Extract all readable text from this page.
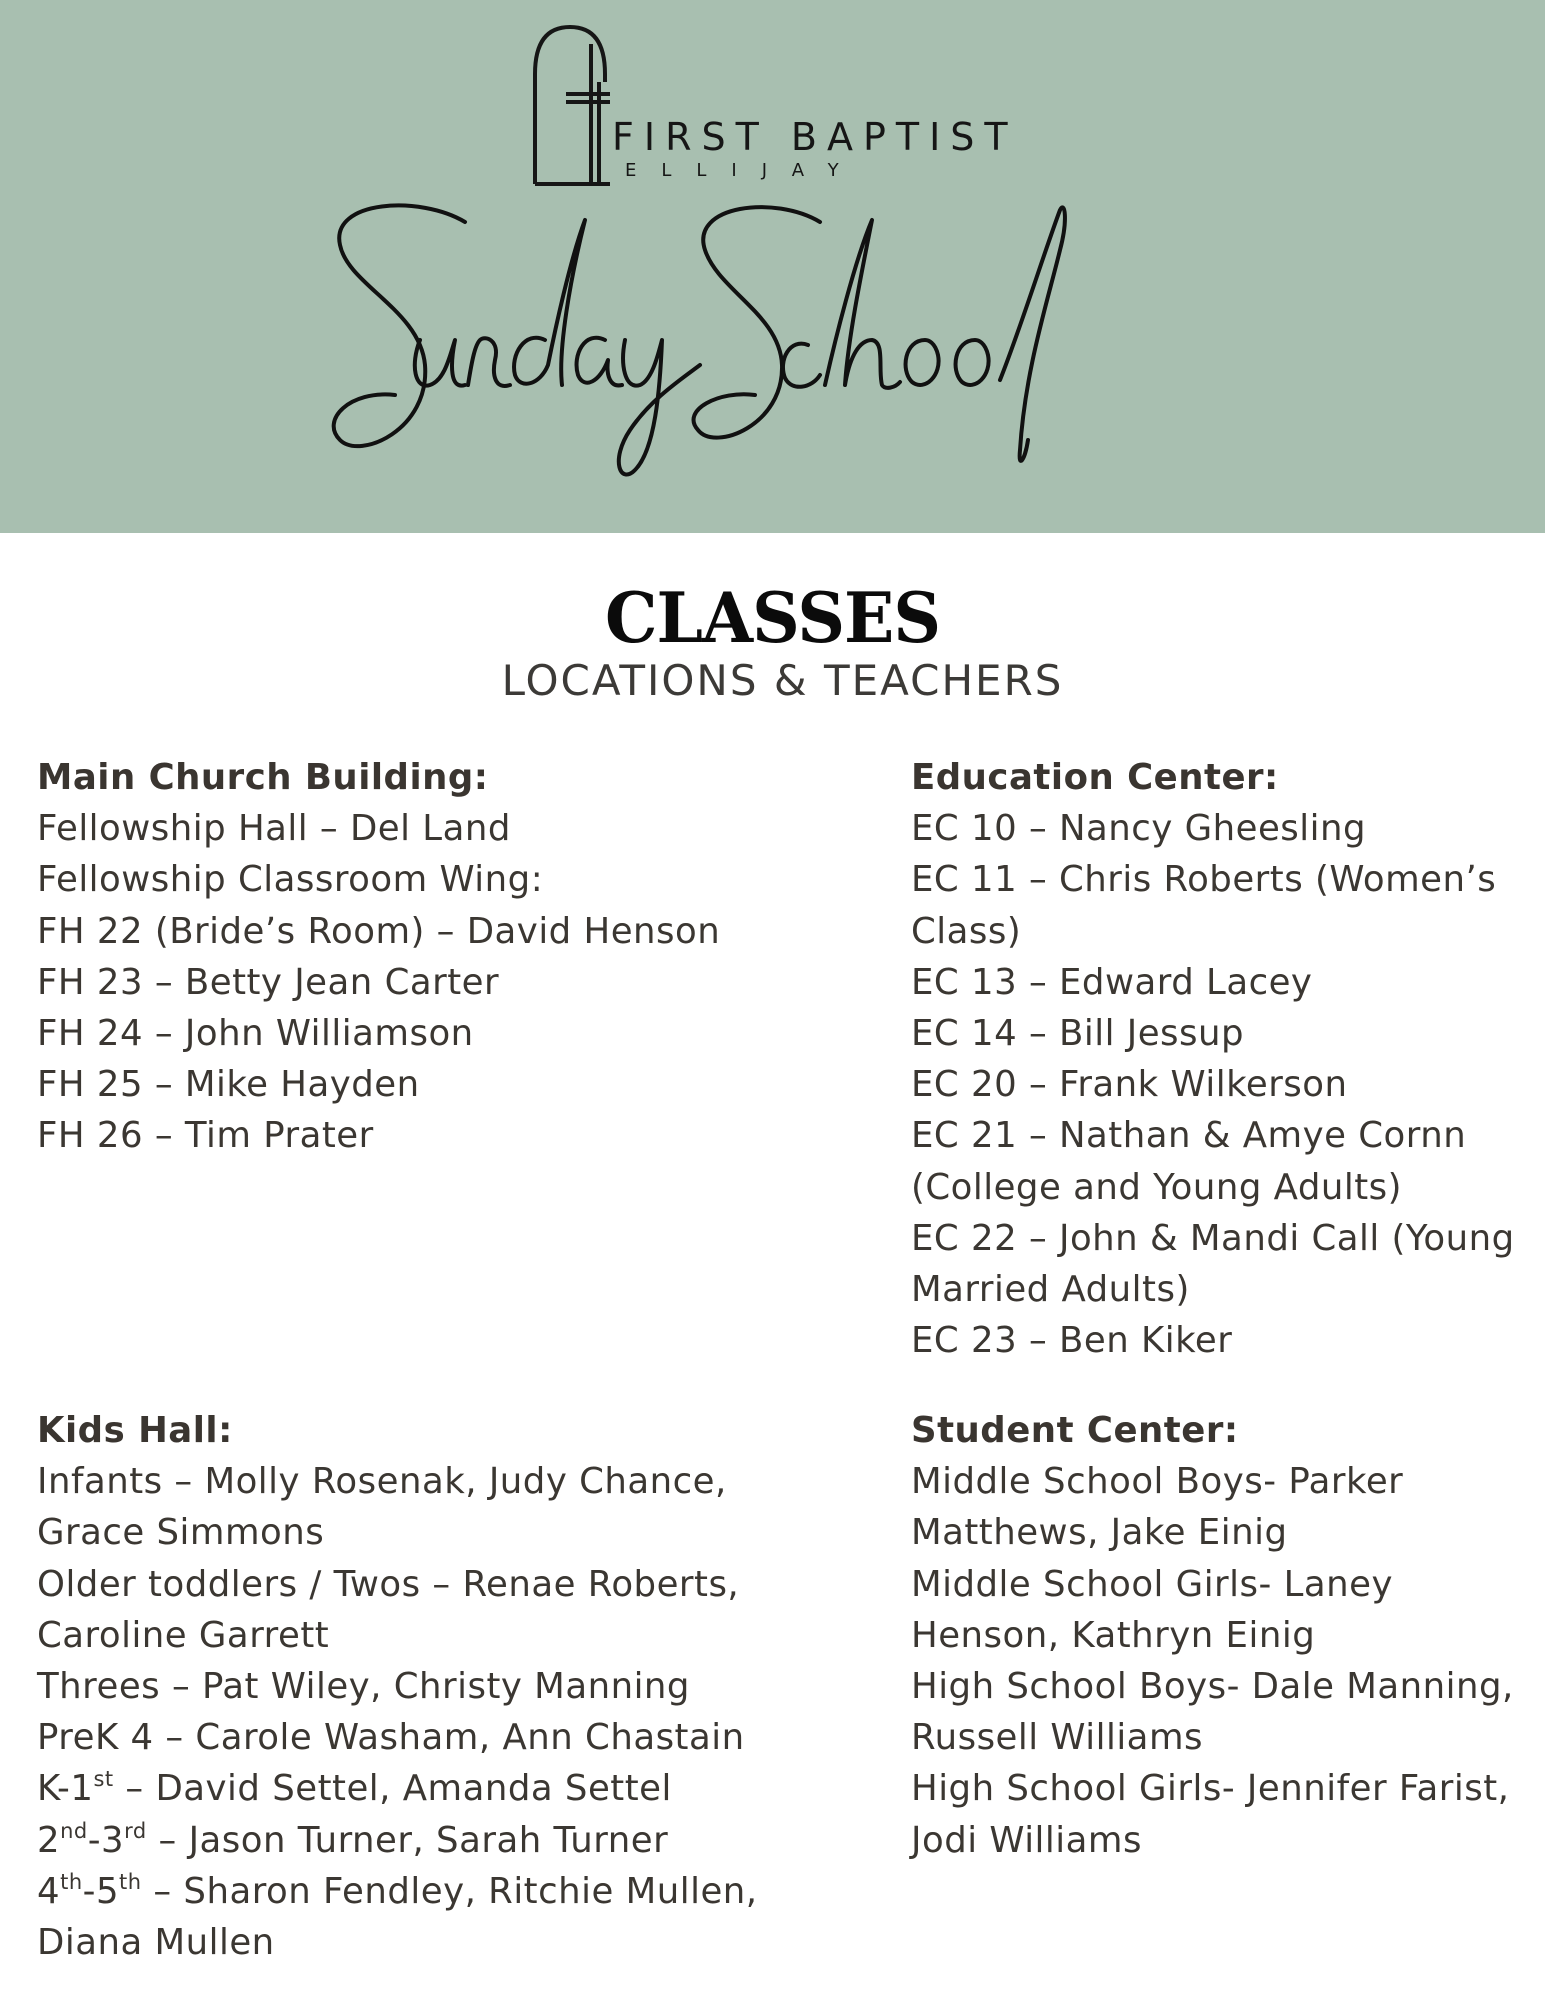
FIRST BAPTIST
ELLIJAY
CLASSES
LOCATIONS & TEACHERS
Main Church Building:
Fellowship Hall – Del Land
Fellowship Classroom Wing:
FH 22 (Bride’s Room) – David Henson
FH 23 – Betty Jean Carter
FH 24 – John Williamson
FH 25 – Mike Hayden
FH 26 – Tim Prater
Education Center:
EC 10 – Nancy Gheesling
EC 11 – Chris Roberts (Women’s
Class)
EC 13 – Edward Lacey
EC 14 – Bill Jessup
EC 20 – Frank Wilkerson
EC 21 – Nathan & Amye Cornn
(College and Young Adults)
EC 22 – John & Mandi Call (Young
Married Adults)
EC 23 – Ben Kiker
Kids Hall:
Infants – Molly Rosenak, Judy Chance,
Grace Simmons
Older toddlers / Twos – Renae Roberts,
Caroline Garrett
Threes – Pat Wiley, Christy Manning
PreK 4 – Carole Washam, Ann Chastain
K-1st – David Settel, Amanda Settel
2nd-3rd – Jason Turner, Sarah Turner
4th-5th – Sharon Fendley, Ritchie Mullen,
Diana Mullen
Student Center:
Middle School Boys- Parker
Matthews, Jake Einig
Middle School Girls- Laney
Henson, Kathryn Einig
High School Boys- Dale Manning,
Russell Williams
High School Girls- Jennifer Farist,
Jodi Williams
